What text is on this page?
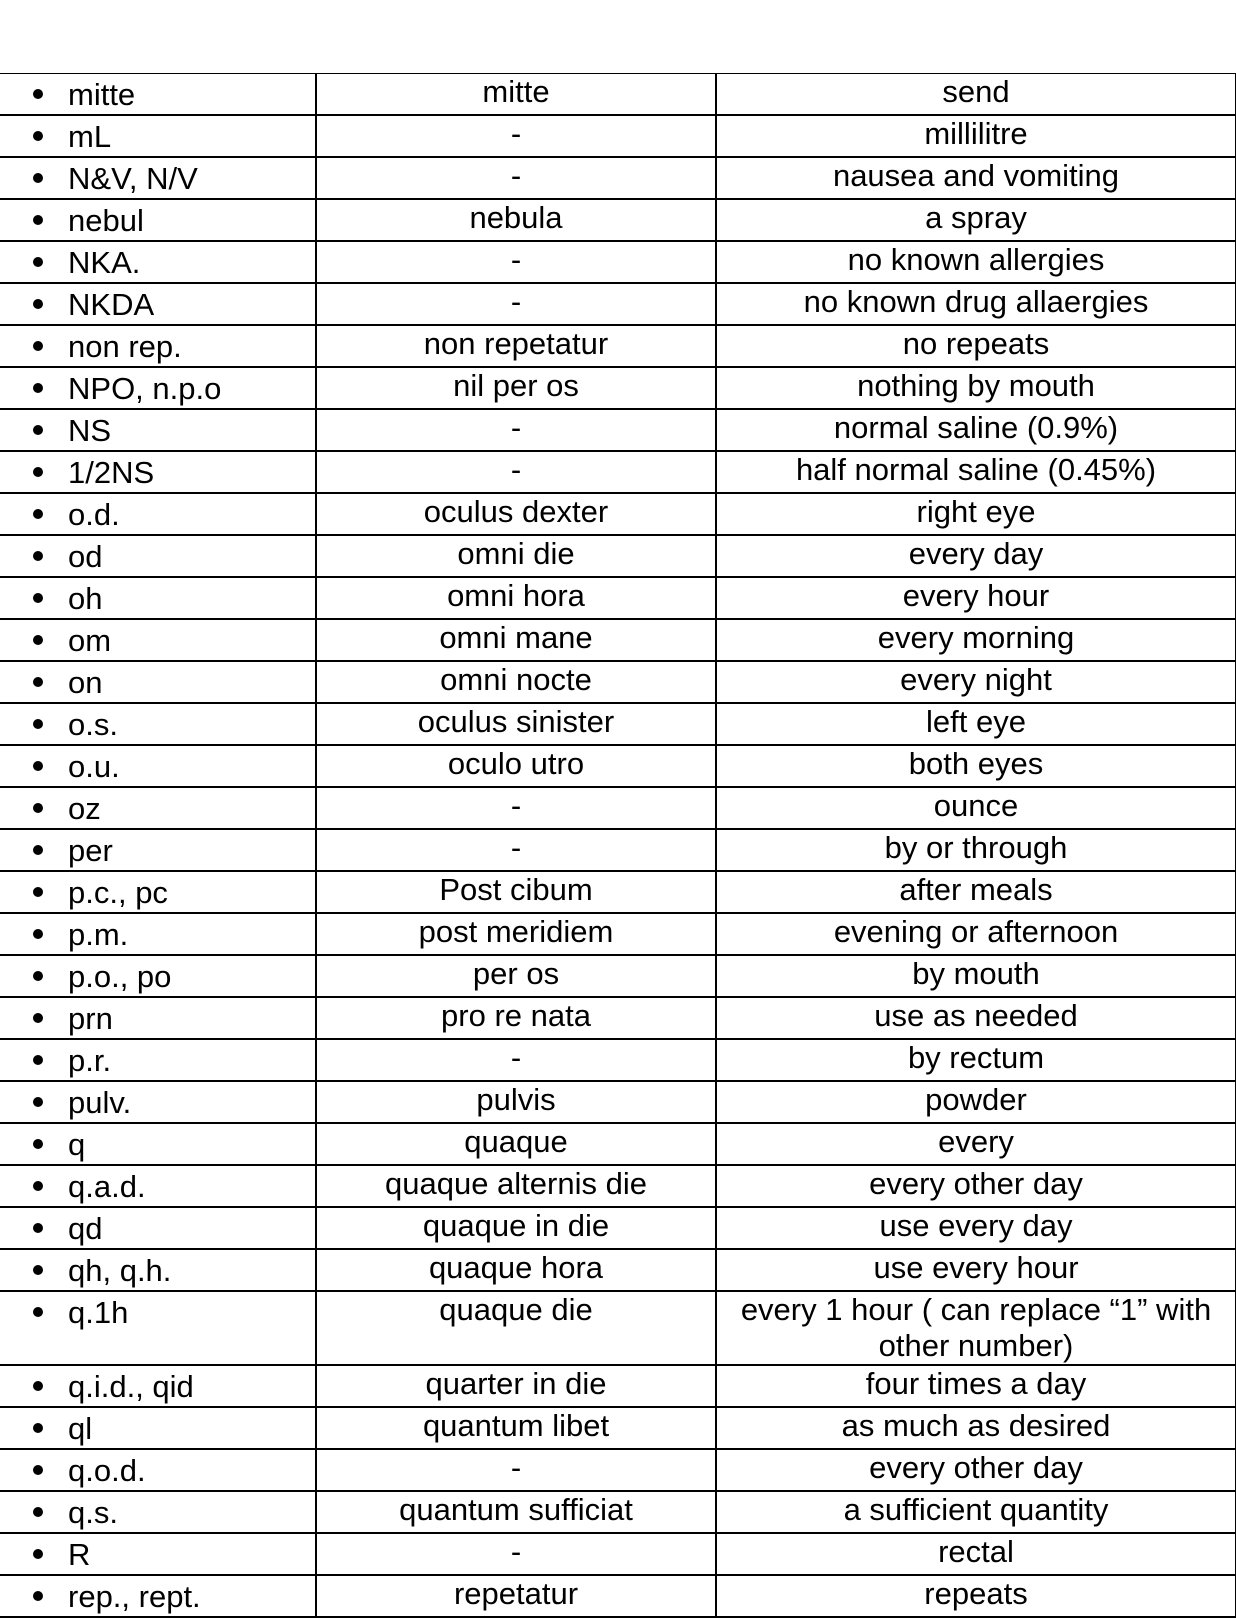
mitte	mitte	send

mL	-	millilitre

N&V, N/V	-	nausea and vomiting

nebul	nebula	a spray

NKA.	-	no known allergies

NKDA	-	no known drug allaergies

non rep.	non repetatur	no repeats

NPO, n.p.o	nil per os	nothing by mouth

NS	-	normal saline (0.9%)

1/2NS	-	half normal saline (0.45%)

o.d.	oculus dexter	right eye

od	omni die	every day

oh	omni hora	every hour

om	omni mane	every morning

on	omni nocte	every night

o.s.	oculus sinister	left eye

o.u.	oculo utro	both eyes

oz	-	ounce

per	-	by or through

p.c., pc	Post cibum	after meals

p.m.	post meridiem	evening or afternoon

p.o., po	per os	by mouth

prn	pro re nata	use as needed

p.r.	-	by rectum

pulv.	pulvis	powder

q	quaque	every

q.a.d.	quaque alternis die	every other day

qd	quaque in die	use every day

qh, q.h.	quaque hora	use every hour

q.1h	quaque die	every 1 hour ( can replace “1” with other number)

q.i.d., qid	quarter in die	four times a day

ql	quantum libet	as much as desired

q.o.d.	-	every other day

q.s.	quantum sufficiat	a sufficient quantity

R	-	rectal

rep., rept.	repetatur	repeats
